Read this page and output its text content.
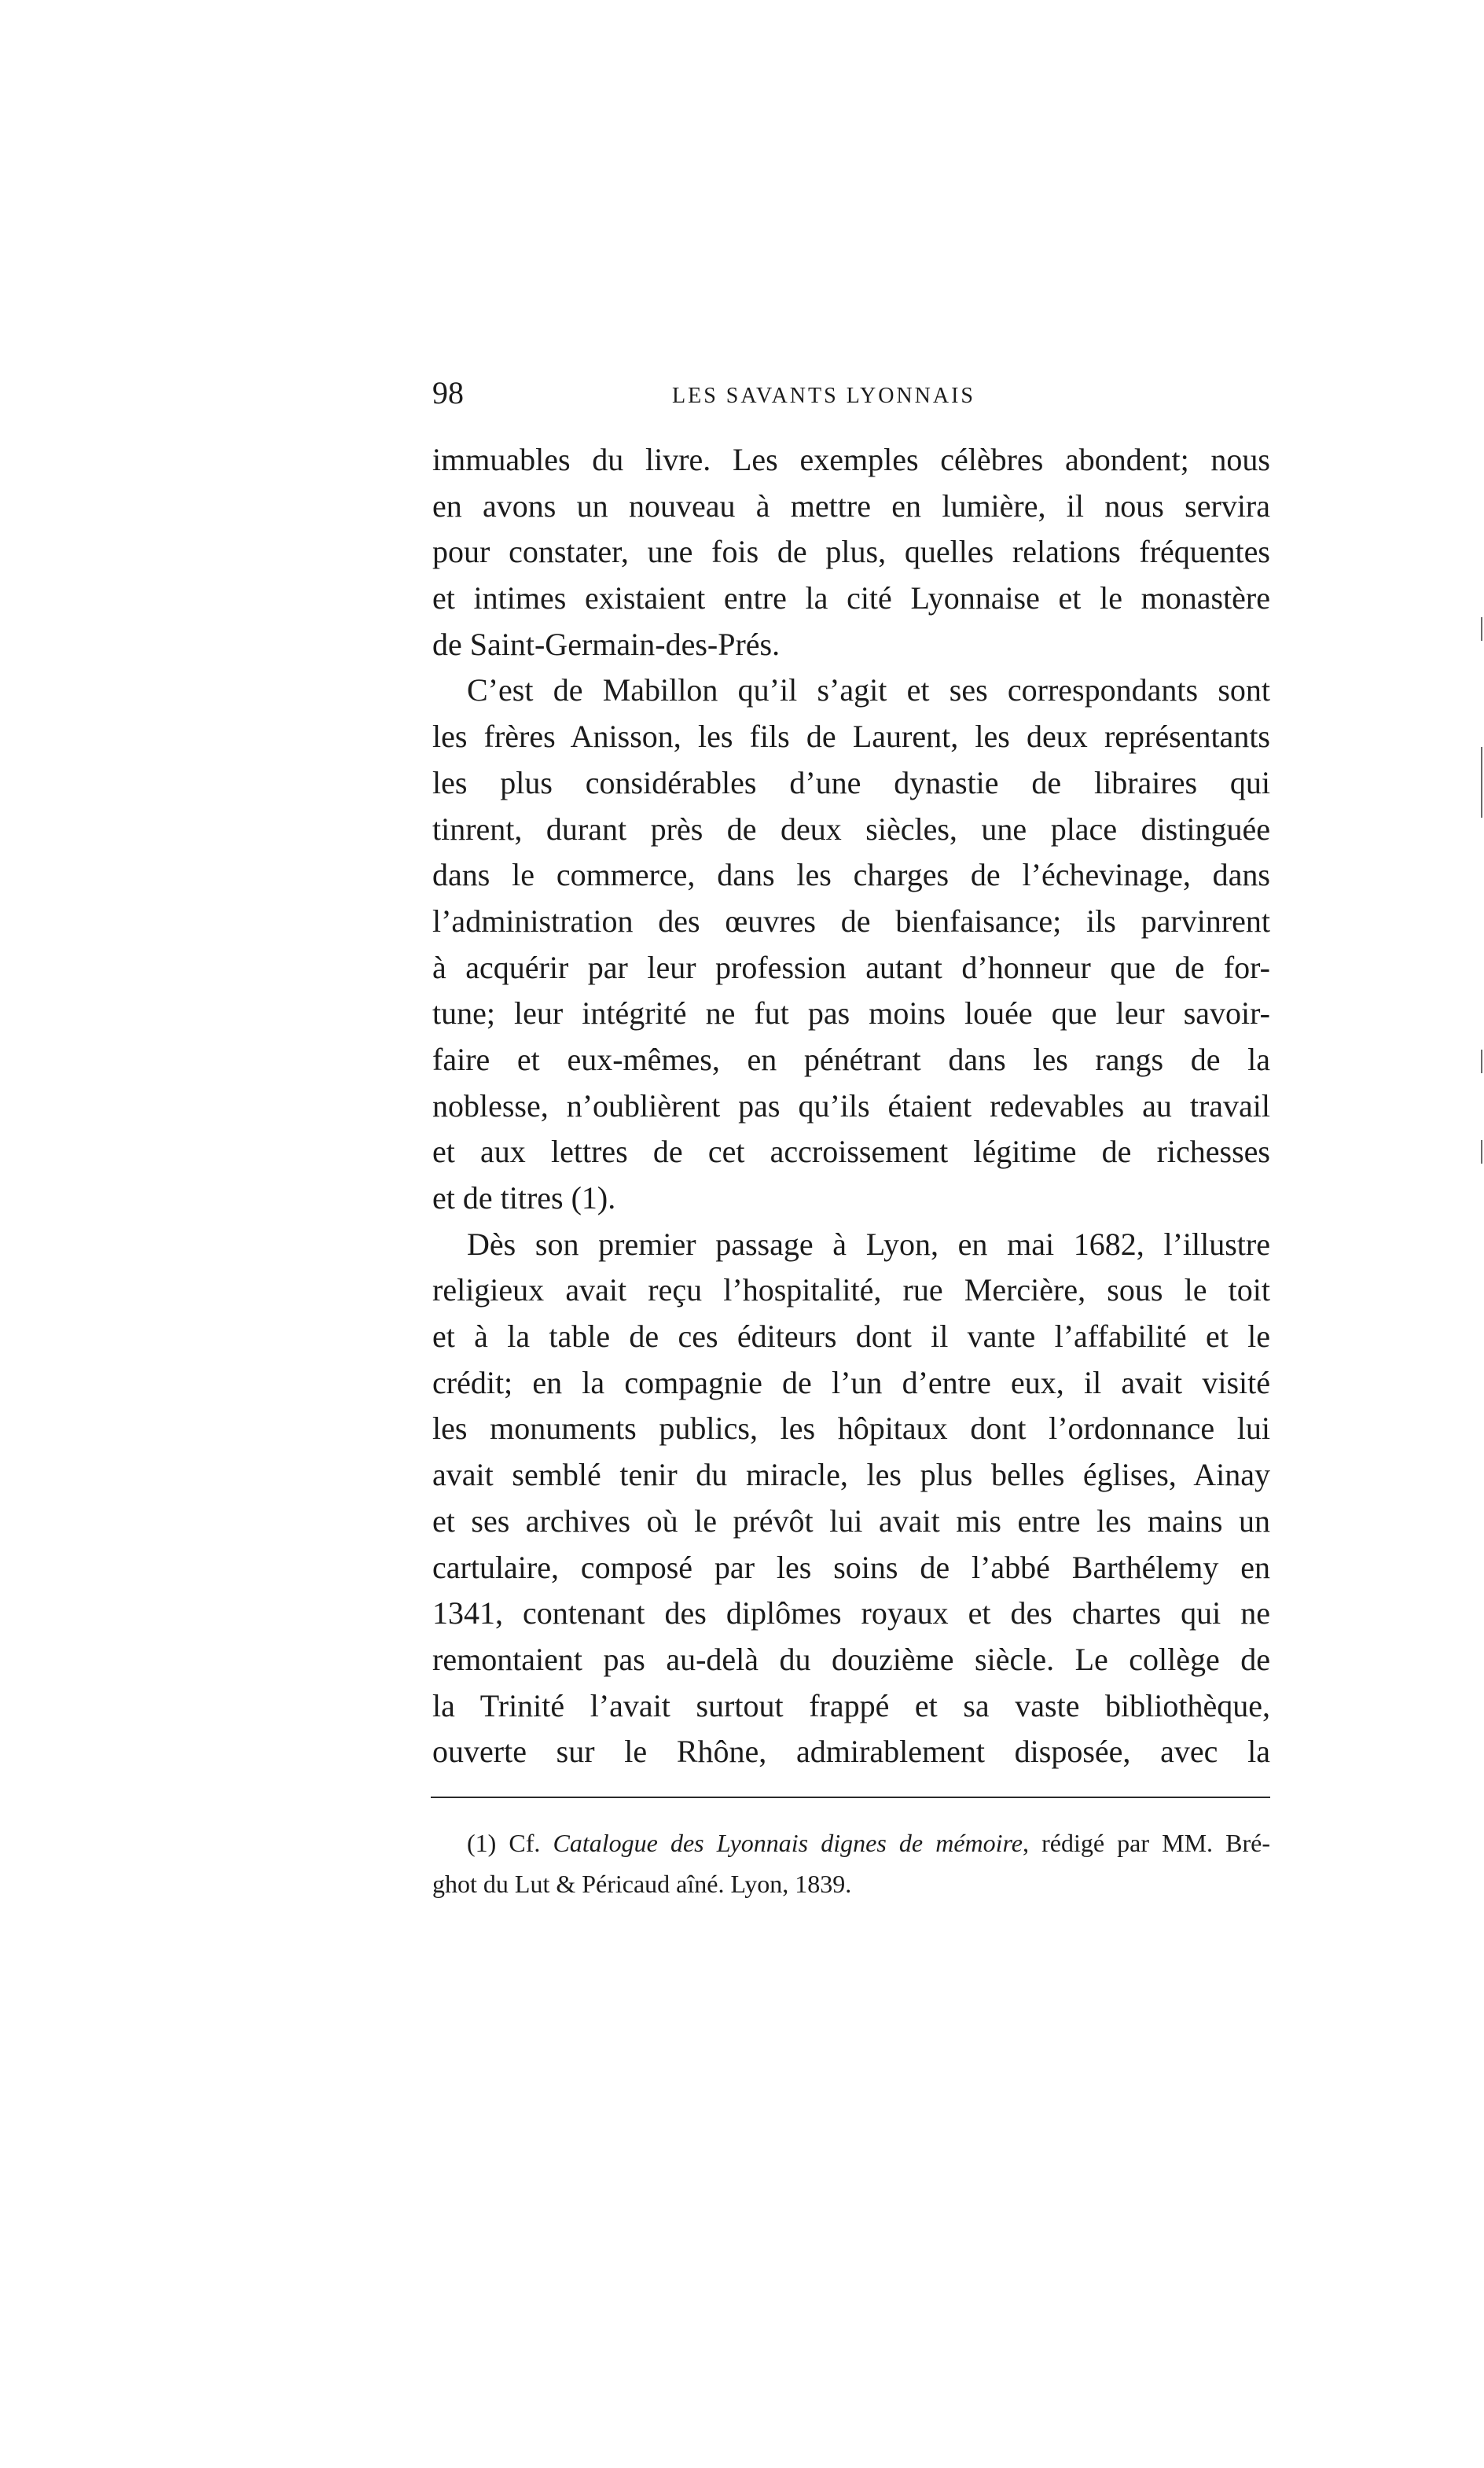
98	LES SAVANTS LYONNAIS
immuables du livre. Les exemples célèbres abondent; nous
en avons un nouveau à mettre en lumière, il nous servira
pour constater, une fois de plus, quelles relations fréquentes
et intimes existaient entre la cité Lyonnaise et le monastère
de Saint-Germain-des-Prés.
C’est de Mabillon qu’il s’agit et ses correspondants sont
les frères Anisson, les fils de Laurent, les deux représentants
les plus considérables d’une dynastie de libraires qui
tinrent, durant près de deux siècles, une place distinguée
dans le commerce, dans les charges de l’échevinage, dans
l’administration des œuvres de bienfaisance; ils parvinrent
à acquérir par leur profession autant d’honneur que de for-
tune; leur intégrité ne fut pas moins louée que leur savoir-
faire et eux-mêmes, en pénétrant dans les rangs de la
noblesse, n’oublièrent pas qu’ils étaient redevables au travail
et aux lettres de cet accroissement légitime de richesses
et de titres (1).
Dès son premier passage à Lyon, en mai 1682, l’illustre
religieux avait reçu l’hospitalité, rue Mercière, sous le toit
et à la table de ces éditeurs dont il vante l’affabilité et le
crédit; en la compagnie de l’un d’entre eux, il avait visité
les monuments publics, les hôpitaux dont l’ordonnance lui
avait semblé tenir du miracle, les plus belles églises, Ainay
et ses archives où le prévôt lui avait mis entre les mains un
cartulaire, composé par les soins de l’abbé Barthélemy en
1341, contenant des diplômes royaux et des chartes qui ne
remontaient pas au-delà du douzième siècle. Le collège de
la Trinité l’avait surtout frappé et sa vaste bibliothèque,
ouverte sur le Rhône, admirablement disposée, avec la
(1) Cf. Catalogue des Lyonnais dignes de mémoire, rédigé par MM. Bré-
ghot du Lut & Péricaud aîné. Lyon, 1839.
